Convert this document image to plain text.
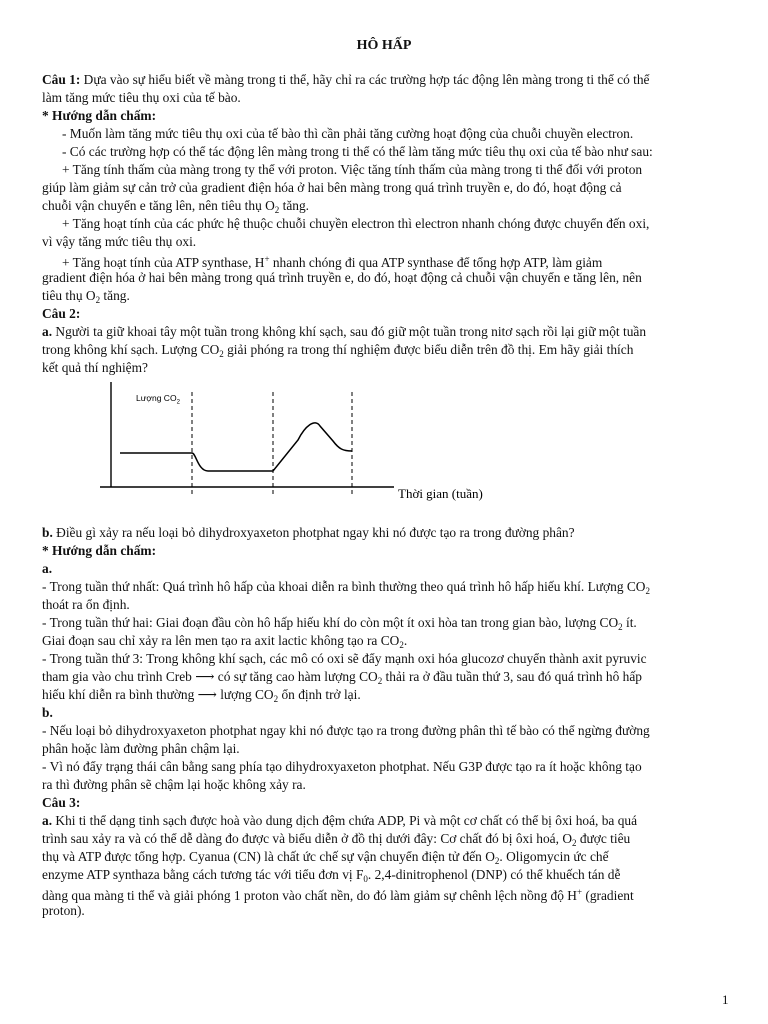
HÔ HẤP
Câu 1: Dựa vào sự hiểu biết về màng trong ti thể, hãy chỉ ra các trường hợp tác động lên màng trong ti thể có thể
làm tăng mức tiêu thụ oxi của tế bào.
* Hướng dẫn chấm:
- Muốn làm tăng mức tiêu thụ oxi của tế bào thì cần phải tăng cường hoạt động của chuỗi chuyền electron.
- Có các trường hợp có thể tác động lên màng trong ti thể có thể làm tăng mức tiêu thụ oxi của tế bào như sau:
+ Tăng tính thấm của màng trong ty thể với proton. Việc tăng tính thấm của màng trong ti thể đối với proton
giúp làm giảm sự cản trở của gradient điện hóa ở hai bên màng trong quá trình truyền e, do đó, hoạt động cả
chuỗi vận chuyển e tăng lên, nên tiêu thụ $O_2$ tăng.
+ Tăng hoạt tính của các phức hệ thuộc chuỗi chuyền electron thì electron nhanh chóng được chuyển đến oxi,
vì vậy tăng mức tiêu thụ oxi.
+ Tăng hoạt tính của ATP synthase, H+ nhanh chóng đi qua ATP synthase để tổng hợp ATP, làm giảm
gradient điện hóa ở hai bên màng trong quá trình truyền e, do đó, hoạt động cả chuỗi vận chuyển e tăng lên, nên
tiêu thụ $O_2$ tăng.
Câu 2:
a. Người ta giữ khoai tây một tuần trong không khí sạch, sau đó giữ một tuần trong nitơ sạch rồi lại giữ một tuần
trong không khí sạch. Lượng $CO_2$ giải phóng ra trong thí nghiệm được biểu diễn trên đồ thị. Em hãy giải thích
kết quả thí nghiệm?
Lượng $CO_2$
Thời gian (tuần)
b. Điều gì xảy ra nếu loại bỏ dihydroxyaxeton photphat ngay khi nó được tạo ra trong đường phân?
* Hướng dẫn chấm:
a.
- Trong tuần thứ nhất: Quá trình hô hấp của khoai diễn ra bình thường theo quá trình hô hấp hiếu khí. Lượng $CO_2$
thoát ra ổn định.
- Trong tuần thứ hai: Giai đoạn đầu còn hô hấp hiếu khí do còn một ít oxi hòa tan trong gian bào, lượng $CO_2$ ít.
Giai đoạn sau chỉ xảy ra lên men tạo ra axit lactic không tạo ra $CO_2$.
- Trong tuần thứ 3: Trong không khí sạch, các mô có oxi sẽ đẩy mạnh oxi hóa glucozơ chuyển thành axit pyruvic
tham gia vào chu trình Creb ⟶ có sự tăng cao hàm lượng $CO_2$ thải ra ở đầu tuần thứ 3, sau đó quá trình hô hấp
hiếu khí diễn ra bình thường ⟶ lượng $CO_2$ ổn định trở lại.
b.
- Nếu loại bỏ dihydroxyaxeton photphat ngay khi nó được tạo ra trong đường phân thì tế bào có thể ngừng đường
phân hoặc làm đường phân chậm lại.
- Vì nó đẩy trạng thái cân bằng sang phía tạo dihydroxyaxeton photphat. Nếu G3P được tạo ra ít hoặc không tạo
ra thì đường phân sẽ chậm lại hoặc không xảy ra.
Câu 3:
a. Khi ti thể dạng tinh sạch được hoà vào dung dịch đệm chứa ADP, Pi và một cơ chất có thể bị ôxi hoá, ba quá
trình sau xảy ra và có thể dễ dàng đo được và biểu diễn ở đồ thị dưới đây: Cơ chất đó bị ôxi hoá, $O_2$ được tiêu
thụ và ATP được tổng hợp. Cyanua (CN) là chất ức chế sự vận chuyển điện tử đến $O_2$. Oligomycin ức chế
enzyme ATP synthaza bằng cách tương tác với tiểu đơn vị $F_0$. 2,4-dinitrophenol (DNP) có thể khuếch tán dễ
dàng qua màng ti thể và giải phóng 1 proton vào chất nền, do đó làm giảm sự chênh lệch nồng độ H+ (gradient
proton).
1
